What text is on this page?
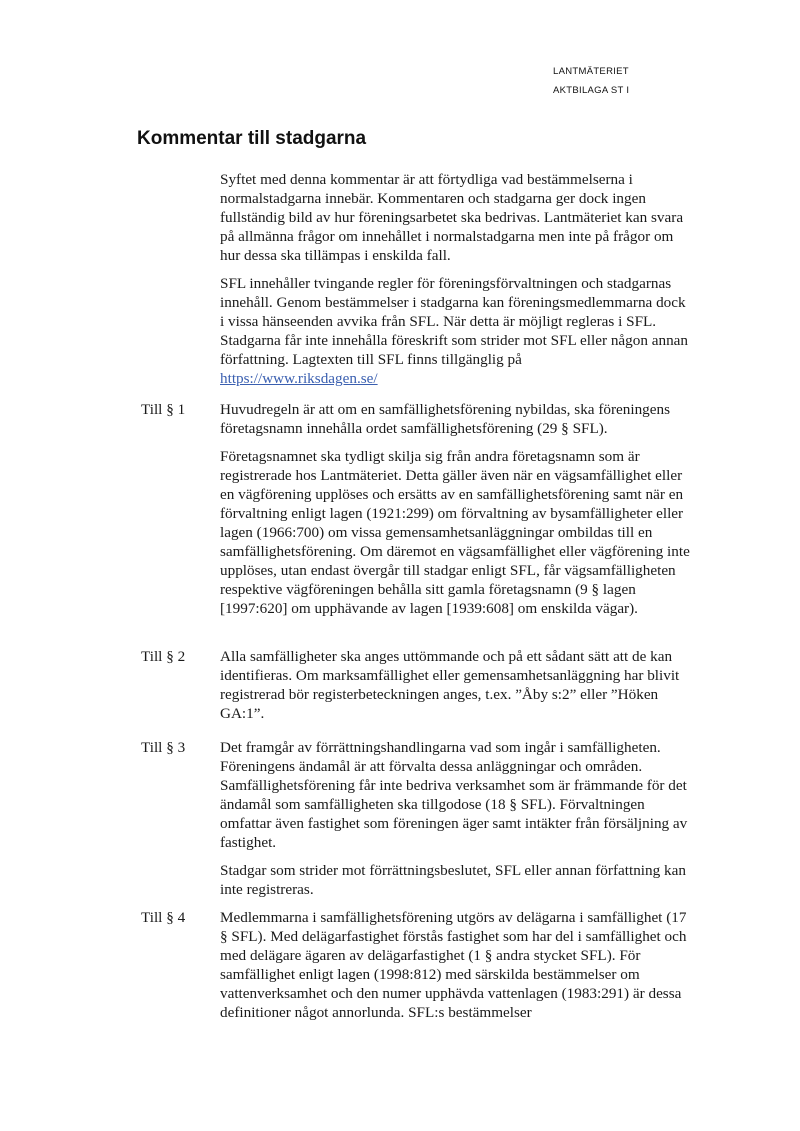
LANTMÄTERIET
AKTBILAGA ST I
Kommentar till stadgarna

Syftet med denna kommentar är att förtydliga vad bestämmelserna i normalstadgarna innebär. Kommentaren och stadgarna ger dock ingen fullständig bild av hur föreningsarbetet ska bedrivas. Lantmäteriet kan svara på allmänna frågor om innehållet i normalstadgarna men inte på frågor om hur dessa ska tillämpas i enskilda fall.

SFL innehåller tvingande regler för föreningsförvaltningen och stadgarnas innehåll. Genom bestämmelser i stadgarna kan föreningsmedlemmarna dock i vissa hänseenden avvika från SFL. När detta är möjligt regleras i SFL. Stadgarna får inte innehålla föreskrift som strider mot SFL eller någon annan författning. Lagtexten till SFL finns tillgänglig på
https://www.riksdagen.se/

Till § 1 Huvudregeln är att om en samfällighetsförening nybildas, ska föreningens företagsnamn innehålla ordet samfällighetsförening (29 § SFL).

Företagsnamnet ska tydligt skilja sig från andra företagsnamn som är registrerade hos Lantmäteriet. Detta gäller även när en vägsamfällighet eller en vägförening upplöses och ersätts av en samfällighetsförening samt när en förvaltning enligt lagen (1921:299) om förvaltning av bysamfälligheter eller lagen (1966:700) om vissa gemensamhetsanläggningar ombildas till en samfällighetsförening. Om däremot en vägsamfällighet eller vägförening inte upplöses, utan endast övergår till stadgar enligt SFL, får vägsamfälligheten respektive vägföreningen behålla sitt gamla företagsnamn (9 § lagen [1997:620] om upphävande av lagen [1939:608] om enskilda vägar).

Till § 2 Alla samfälligheter ska anges uttömmande och på ett sådant sätt att de kan identifieras. Om marksamfällighet eller gemensamhetsanläggning har blivit registrerad bör registerbeteckningen anges, t.ex. ”Åby s:2” eller ”Höken GA:1”.

Till § 3 Det framgår av förrättningshandlingarna vad som ingår i samfälligheten. Föreningens ändamål är att förvalta dessa anläggningar och områden. Samfällighetsförening får inte bedriva verksamhet som är främmande för det ändamål som samfälligheten ska tillgodose (18 § SFL). Förvaltningen omfattar även fastighet som föreningen äger samt intäkter från försäljning av fastighet.

Stadgar som strider mot förrättningsbeslutet, SFL eller annan författning kan inte registreras.

Till § 4 Medlemmarna i samfällighetsförening utgörs av delägarna i samfällighet (17 § SFL). Med delägarfastighet förstås fastighet som har del i samfällighet och med delägare ägaren av delägarfastighet (1 § andra stycket SFL). För samfällighet enligt lagen (1998:812) med särskilda bestämmelser om vattenverksamhet och den numer upphävda vattenlagen (1983:291) är dessa definitioner något annorlunda. SFL:s bestämmelser
